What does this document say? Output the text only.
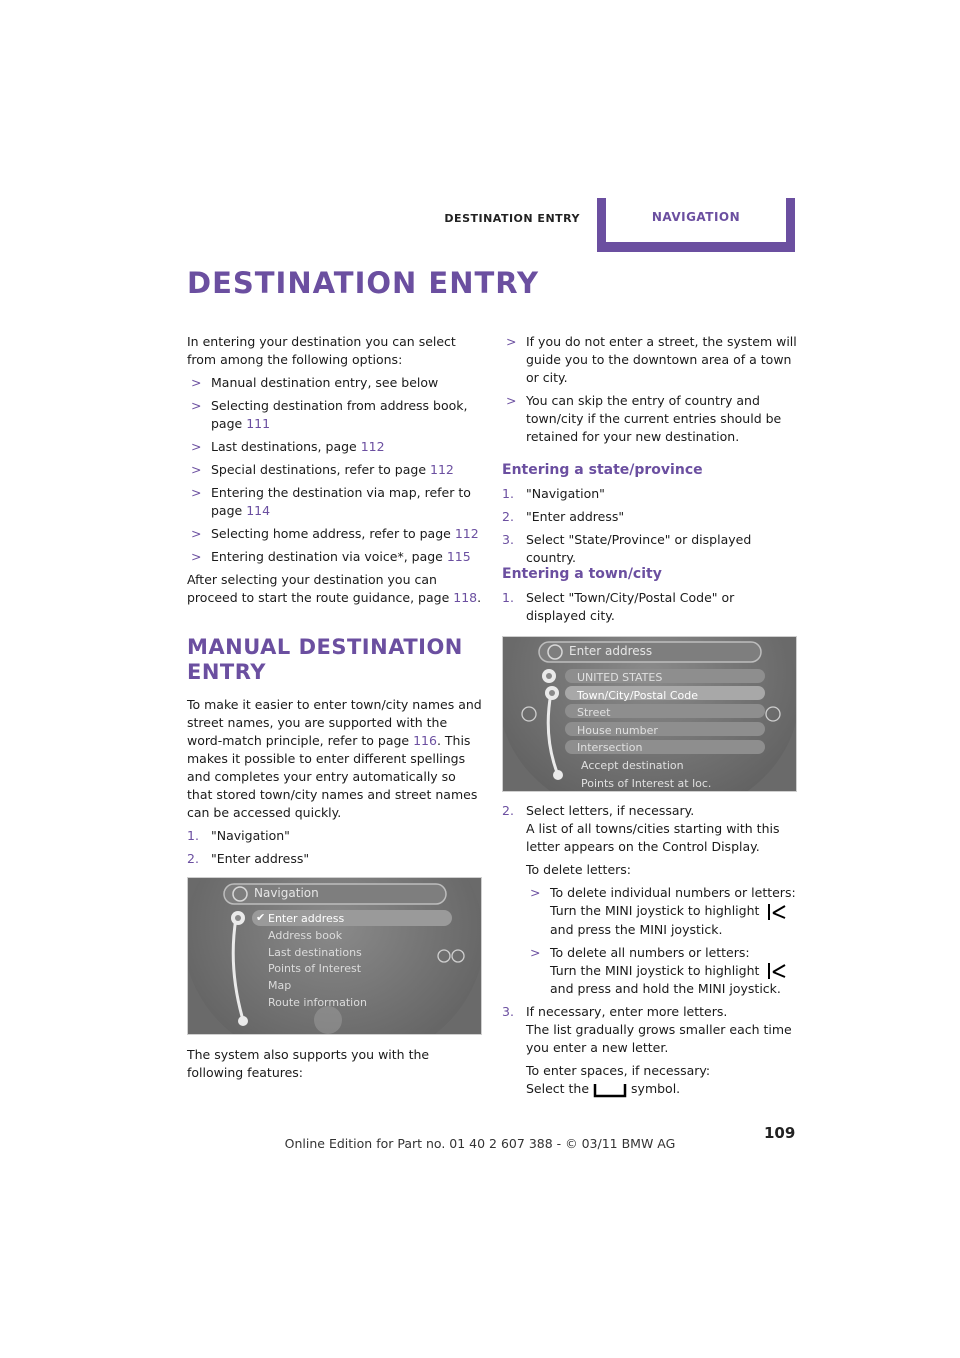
DESTINATION ENTRY	NAVIGATION
DESTINATION ENTRY

In entering your destination you can select from among the following options:

> Manual destination entry, see below
> Selecting destination from address book, page 111
> Last destinations, page 112
> Special destinations, refer to page 112
> Entering the destination via map, refer to page 114
> Selecting home address, refer to page 112
> Entering destination via voice*, page 115

After selecting your destination you can proceed to start the route guidance, page 118.

MANUAL DESTINATION
ENTRY

To make it easier to enter town/city names and street names, you are supported with the word-match principle, refer to page 116. This makes it possible to enter different spellings and completes your entry automatically so that stored town/city names and street names can be accessed quickly.

1. "Navigation"
2. "Enter address"
Navigation
✔ Enter address
Address book
Last destinations
Points of Interest
Map
Route information

The system also supports you with the following features:

> If you do not enter a street, the system will guide you to the downtown area of a town or city.
> You can skip the entry of country and town/city if the current entries should be retained for your new destination.
Entering a state/province
1. "Navigation"
2. "Enter address"
3. Select "State/Province" or displayed country.
Entering a town/city
1. Select "Town/City/Postal Code" or displayed city.
Enter address
UNITED STATES
Town/City/Postal Code
Street
House number
Intersection
Accept destination
Points of Interest at loc.
2. Select letters, if necessary.
A list of all towns/cities starting with this letter appears on the Control Display.
To delete letters:
> To delete individual numbers or letters:
Turn the MINI joystick to highlight
and press the MINI joystick.
> To delete all numbers or letters:
Turn the MINI joystick to highlight
and press and hold the MINI joystick.
3. If necessary, enter more letters.
The list gradually grows smaller each time you enter a new letter.
To enter spaces, if necessary:
Select the	symbol.
109
Online Edition for Part no. 01 40 2 607 388 - © 03/11 BMW AG
